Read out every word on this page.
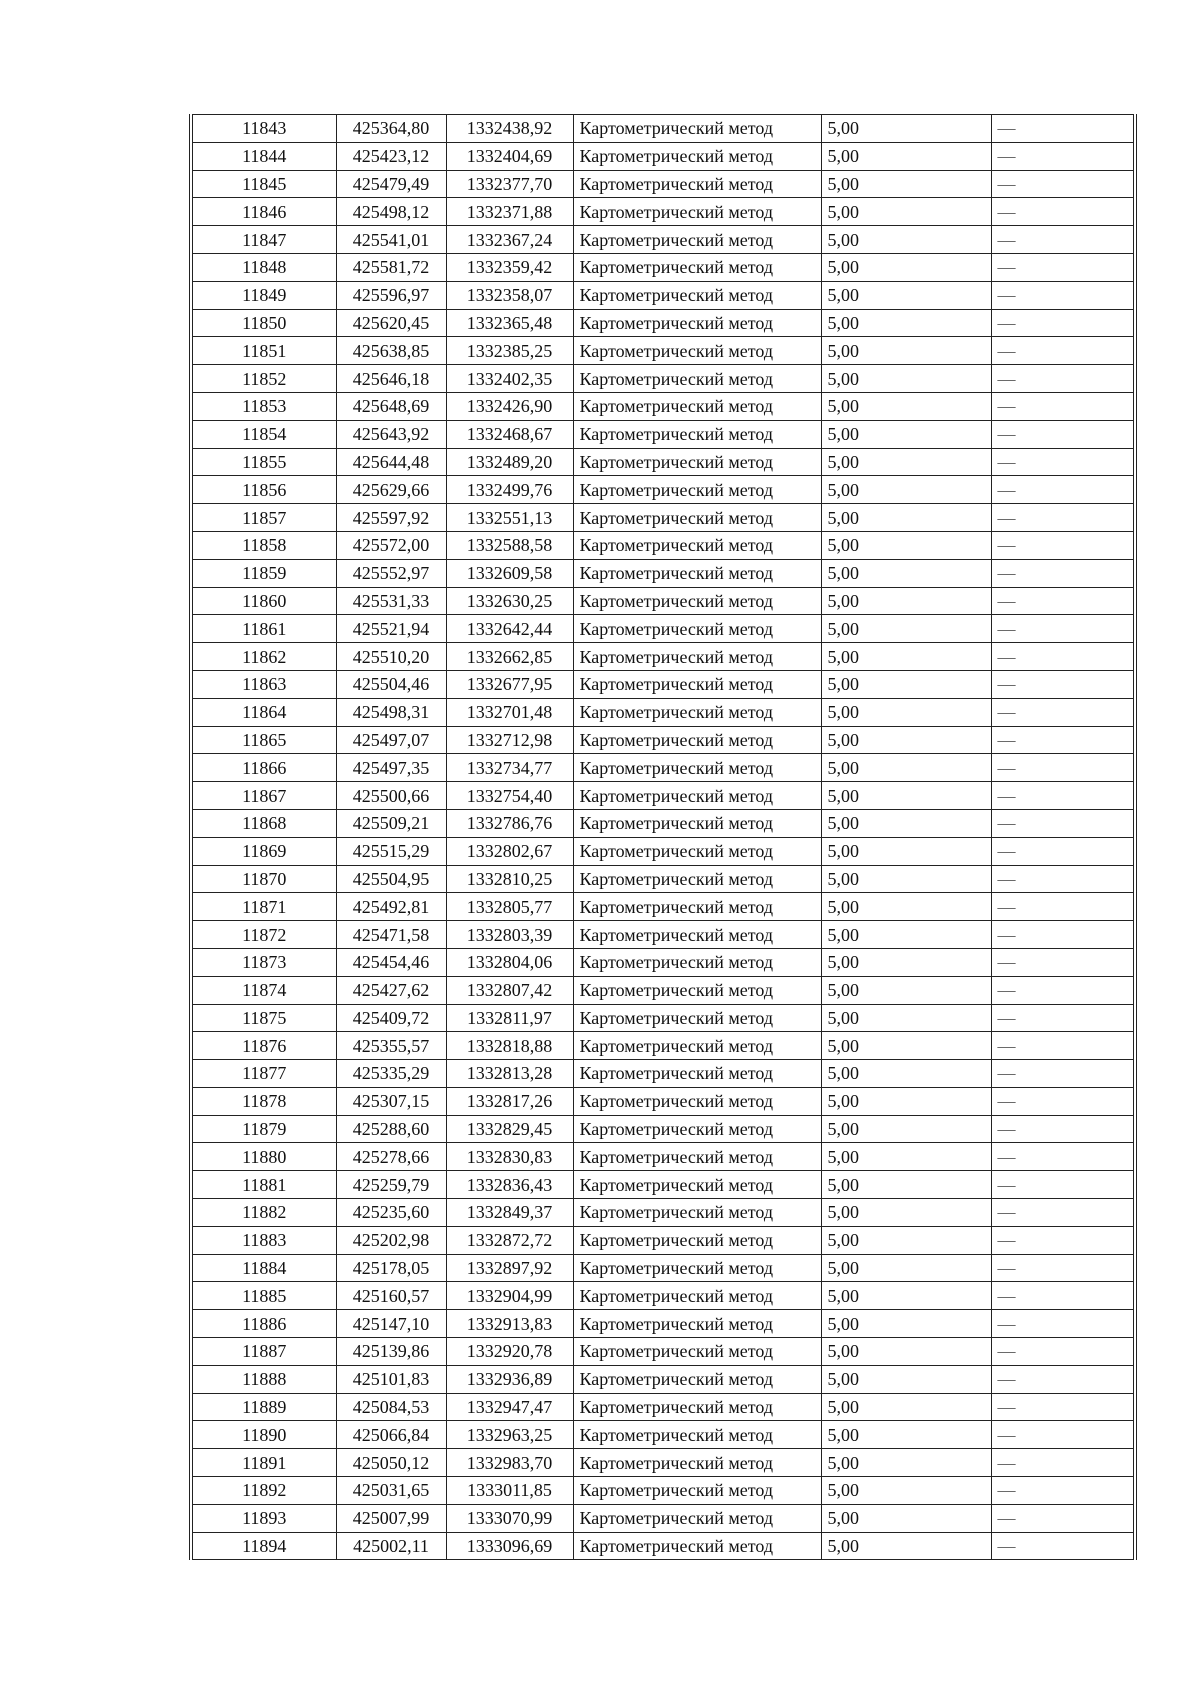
11843	425364,80	1332438,92	Картометрический метод	5,00	—
11844	425423,12	1332404,69	Картометрический метод	5,00	—
11845	425479,49	1332377,70	Картометрический метод	5,00	—
11846	425498,12	1332371,88	Картометрический метод	5,00	—
11847	425541,01	1332367,24	Картометрический метод	5,00	—
11848	425581,72	1332359,42	Картометрический метод	5,00	—
11849	425596,97	1332358,07	Картометрический метод	5,00	—
11850	425620,45	1332365,48	Картометрический метод	5,00	—
11851	425638,85	1332385,25	Картометрический метод	5,00	—
11852	425646,18	1332402,35	Картометрический метод	5,00	—
11853	425648,69	1332426,90	Картометрический метод	5,00	—
11854	425643,92	1332468,67	Картометрический метод	5,00	—
11855	425644,48	1332489,20	Картометрический метод	5,00	—
11856	425629,66	1332499,76	Картометрический метод	5,00	—
11857	425597,92	1332551,13	Картометрический метод	5,00	—
11858	425572,00	1332588,58	Картометрический метод	5,00	—
11859	425552,97	1332609,58	Картометрический метод	5,00	—
11860	425531,33	1332630,25	Картометрический метод	5,00	—
11861	425521,94	1332642,44	Картометрический метод	5,00	—
11862	425510,20	1332662,85	Картометрический метод	5,00	—
11863	425504,46	1332677,95	Картометрический метод	5,00	—
11864	425498,31	1332701,48	Картометрический метод	5,00	—
11865	425497,07	1332712,98	Картометрический метод	5,00	—
11866	425497,35	1332734,77	Картометрический метод	5,00	—
11867	425500,66	1332754,40	Картометрический метод	5,00	—
11868	425509,21	1332786,76	Картометрический метод	5,00	—
11869	425515,29	1332802,67	Картометрический метод	5,00	—
11870	425504,95	1332810,25	Картометрический метод	5,00	—
11871	425492,81	1332805,77	Картометрический метод	5,00	—
11872	425471,58	1332803,39	Картометрический метод	5,00	—
11873	425454,46	1332804,06	Картометрический метод	5,00	—
11874	425427,62	1332807,42	Картометрический метод	5,00	—
11875	425409,72	1332811,97	Картометрический метод	5,00	—
11876	425355,57	1332818,88	Картометрический метод	5,00	—
11877	425335,29	1332813,28	Картометрический метод	5,00	—
11878	425307,15	1332817,26	Картометрический метод	5,00	—
11879	425288,60	1332829,45	Картометрический метод	5,00	—
11880	425278,66	1332830,83	Картометрический метод	5,00	—
11881	425259,79	1332836,43	Картометрический метод	5,00	—
11882	425235,60	1332849,37	Картометрический метод	5,00	—
11883	425202,98	1332872,72	Картометрический метод	5,00	—
11884	425178,05	1332897,92	Картометрический метод	5,00	—
11885	425160,57	1332904,99	Картометрический метод	5,00	—
11886	425147,10	1332913,83	Картометрический метод	5,00	—
11887	425139,86	1332920,78	Картометрический метод	5,00	—
11888	425101,83	1332936,89	Картометрический метод	5,00	—
11889	425084,53	1332947,47	Картометрический метод	5,00	—
11890	425066,84	1332963,25	Картометрический метод	5,00	—
11891	425050,12	1332983,70	Картометрический метод	5,00	—
11892	425031,65	1333011,85	Картометрический метод	5,00	—
11893	425007,99	1333070,99	Картометрический метод	5,00	—
11894	425002,11	1333096,69	Картометрический метод	5,00	—
